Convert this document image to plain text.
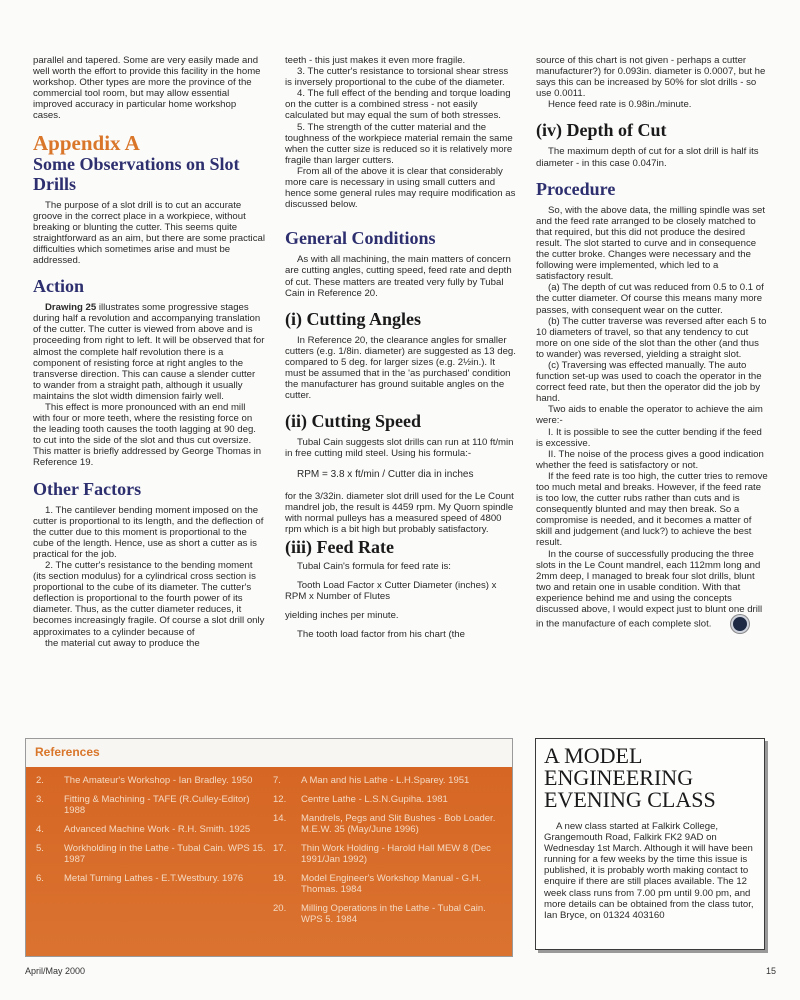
parallel and tapered. Some are very easily made and well worth the effort to provide this facility in the home workshop. Other types are more the province of the commercial tool room, but may allow essential improved accuracy in particular home workshop cases.

Appendix A
Some Observations on Slot Drills

The purpose of a slot drill is to cut an accurate groove in the correct place in a workpiece, without breaking or blunting the cutter. This seems quite straightforward as an aim, but there are some practical difficulties which sometimes arise and must be addressed.

Action

Drawing 25 illustrates some progressive stages during half a revolution and accompanying translation of the cutter. The cutter is viewed from above and is proceeding from right to left. It will be observed that for almost the complete half revolution there is a component of resisting force at right angles to the transverse direction. This can cause a slender cutter to wander from a straight path, although it usually maintains the slot width dimension fairly well.

This effect is more pronounced with an end mill with four or more teeth, where the resisting force on the leading tooth causes the tooth lagging at 90 deg. to cut into the side of the slot and thus cut oversize. This matter is briefly addressed by George Thomas in Reference 19.

Other Factors

1. The cantilever bending moment imposed on the cutter is proportional to its length, and the deflection of the cutter due to this moment is proportional to the cube of the length. Hence, use as short a cutter as is practical for the job.

2. The cutter's resistance to the bending moment (its section modulus) for a cylindrical cross section is proportional to the cube of its diameter. The cutter's deflection is proportional to the fourth power of its diameter. Thus, as the cutter diameter reduces, it becomes increasingly fragile. Of course a slot drill only approximates to a cylinder because of

the material cut away to produce the

teeth - this just makes it even more fragile.

3. The cutter's resistance to torsional shear stress is inversely proportional to the cube of the diameter.

4. The full effect of the bending and torque loading on the cutter is a combined stress - not easily calculated but may equal the sum of both stresses.

5. The strength of the cutter material and the toughness of the workpiece material remain the same when the cutter size is reduced so it is relatively more fragile than larger cutters.

From all of the above it is clear that considerably more care is necessary in using small cutters and hence some general rules may require modification as discussed below.

General Conditions

As with all machining, the main matters of concern are cutting angles, cutting speed, feed rate and depth of cut. These matters are treated very fully by Tubal Cain in Reference 20.

(i) Cutting Angles

In Reference 20, the clearance angles for smaller cutters (e.g. 1/8in. diameter) are suggested as 13 deg. compared to 5 deg. for larger sizes (e.g. 2½in.). It must be assumed that in the 'as purchased' condition the manufacturer has ground suitable angles on the cutter.

(ii) Cutting Speed

Tubal Cain suggests slot drills can run at 110 ft/min in free cutting mild steel. Using his formula:-

RPM = 3.8 x ft/min / Cutter dia in inches

for the 3/32in. diameter slot drill used for the Le Count mandrel job, the result is 4459 rpm. My Quorn spindle with normal pulleys has a measured speed of 4800 rpm which is a bit high but probably satisfactory.

(iii) Feed Rate

Tubal Cain's formula for feed rate is:

Tooth Load Factor x Cutter Diameter (inches) x RPM x Number of Flutes

yielding inches per minute.

The tooth load factor from his chart (the

source of this chart is not given - perhaps a cutter manufacturer?) for 0.093in. diameter is 0.0007, but he says this can be increased by 50% for slot drills - so use 0.0011.

Hence feed rate is 0.98in./minute.

(iv) Depth of Cut

The maximum depth of cut for a slot drill is half its diameter - in this case 0.047in.

Procedure

So, with the above data, the milling spindle was set and the feed rate arranged to be closely matched to that required, but this did not produce the desired result. The slot started to curve and in consequence the cutter broke. Changes were necessary and the following were implemented, which led to a satisfactory result.

(a) The depth of cut was reduced from 0.5 to 0.1 of the cutter diameter. Of course this means many more passes, with consequent wear on the cutter.

(b) The cutter traverse was reversed after each 5 to 10 diameters of travel, so that any tendency to cut more on one side of the slot than the other (and thus to wander) was reversed, yielding a straight slot.

(c) Traversing was effected manually. The auto function set-up was used to coach the operator in the correct feed rate, but then the operator did the job by hand.

Two aids to enable the operator to achieve the aim were:-

I. It is possible to see the cutter bending if the feed is excessive.

II. The noise of the process gives a good indication whether the feed is satisfactory or not.

If the feed rate is too high, the cutter tries to remove too much metal and breaks. However, if the feed rate is too low, the cutter rubs rather than cuts and is consequently blunted and may then break. So a compromise is needed, and it becomes a matter of skill and judgement (and luck?) to achieve the best result.

In the course of successfully producing the three slots in the Le Count mandrel, each 112mm long and 2mm deep, I managed to break four slot drills, blunt two and retain one in usable condition. With that experience behind me and using the concepts discussed above, I would expect just to blunt one drill in the manufacture of each complete slot.

References
2.	The Amateur's Workshop - Ian Bradley. 1950
3.	Fitting & Machining - TAFE (R.Culley-Editor) 1988
4.	Advanced Machine Work - R.H. Smith. 1925
5.	Workholding in the Lathe - Tubal Cain. WPS 15. 1987
6.	Metal Turning Lathes - E.T.Westbury. 1976
7.	A Man and his Lathe - L.H.Sparey. 1951
12.	Centre Lathe - L.S.N.Gupiha. 1981
14.	Mandrels, Pegs and Slit Bushes - Bob Loader. M.E.W. 35 (May/June 1996)
17.	Thin Work Holding - Harold Hall MEW 8 (Dec 1991/Jan 1992)
19.	Model Engineer's Workshop Manual - G.H. Thomas. 1984
20.	Milling Operations in the Lathe - Tubal Cain. WPS 5. 1984
A MODEL
ENGINEERING
EVENING CLASS

A new class started at Falkirk College, Grangemouth Road, Falkirk FK2 9AD on Wednesday 1st March. Although it will have been running for a few weeks by the time this issue is published, it is probably worth making contact to enquire if there are still places available. The 12 week class runs from 7.00 pm until 9.00 pm, and more details can be obtained from the class tutor, Ian Bryce, on 01324 403160

April/May 2000	15
